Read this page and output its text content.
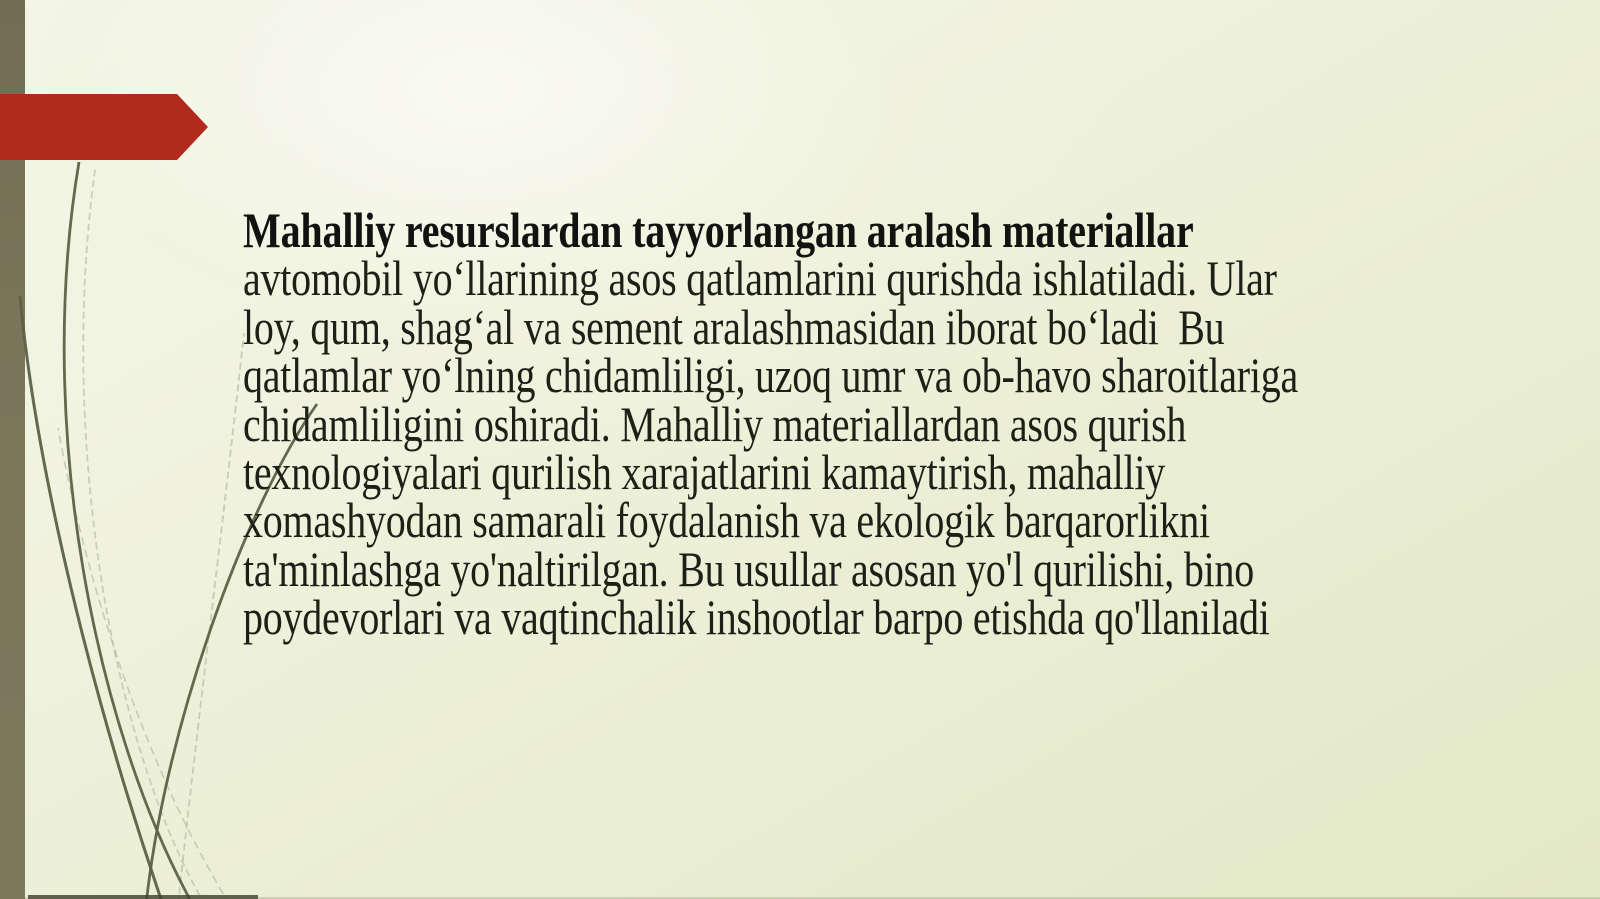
Mahalliy resurslardan tayyorlangan aralash materiallar
avtomobil yoʻllarining asos qatlamlarini qurishda ishlatiladi. Ular
loy, qum, shagʻal va sement aralashmasidan iborat boʻladi  Bu
qatlamlar yoʻlning chidamliligi, uzoq umr va ob-havo sharoitlariga
chidamliligini oshiradi. Mahalliy materiallardan asos qurish
texnologiyalari qurilish xarajatlarini kamaytirish, mahalliy
xomashyodan samarali foydalanish va ekologik barqarorlikni
ta'minlashga yo'naltirilgan. Bu usullar asosan yo'l qurilishi, bino
poydevorlari va vaqtinchalik inshootlar barpo etishda qo'llaniladi
